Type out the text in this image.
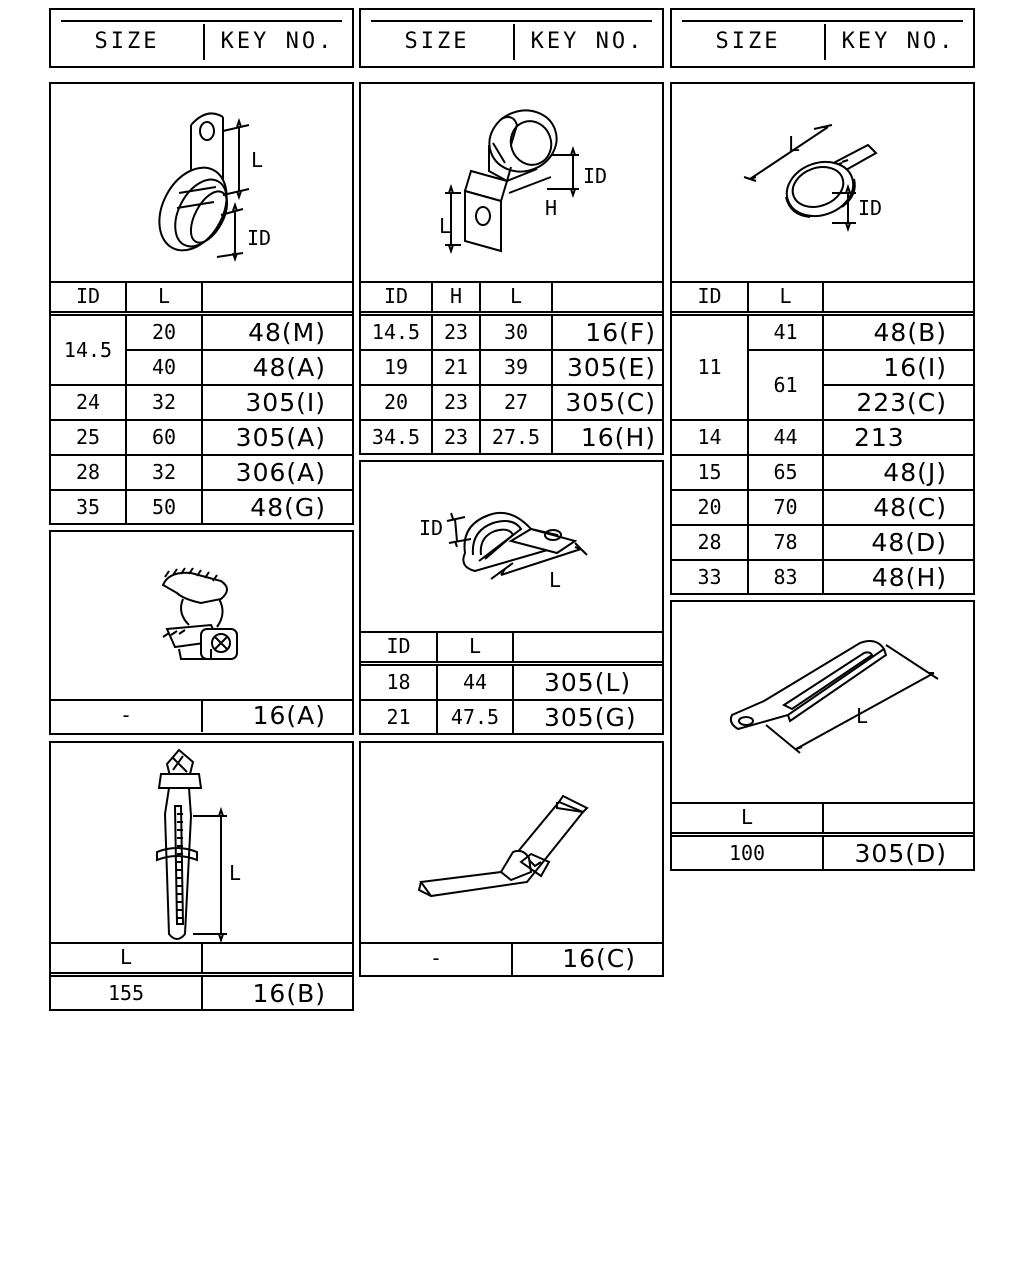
SIZE	KEY NO.	SIZE	KEY NO.	SIZE	KEY NO.
L
ID
ID	L	
14.5	20	48(M)
	40	48(A)
24	32	305(I)
25	60	305(A)
28	32	306(A)
35	50	48(G)
-	16(A)
L
L	
155	16(B)
L
H
ID
ID	H	L	
14.5	23	30	16(F)
19	21	39	305(E)
20	23	27	305(C)
34.5	23	27.5	16(H)
ID
L
ID	L	
18	44	305(L)
21	47.5	305(G)
-	16(C)
L
ID
ID	L	
11	41	48(B)
	61	16(I)
		223(C)
14	44	213
15	65	48(J)
20	70	48(C)
28	78	48(D)
33	83	48(H)
L
L	
100	305(D)
